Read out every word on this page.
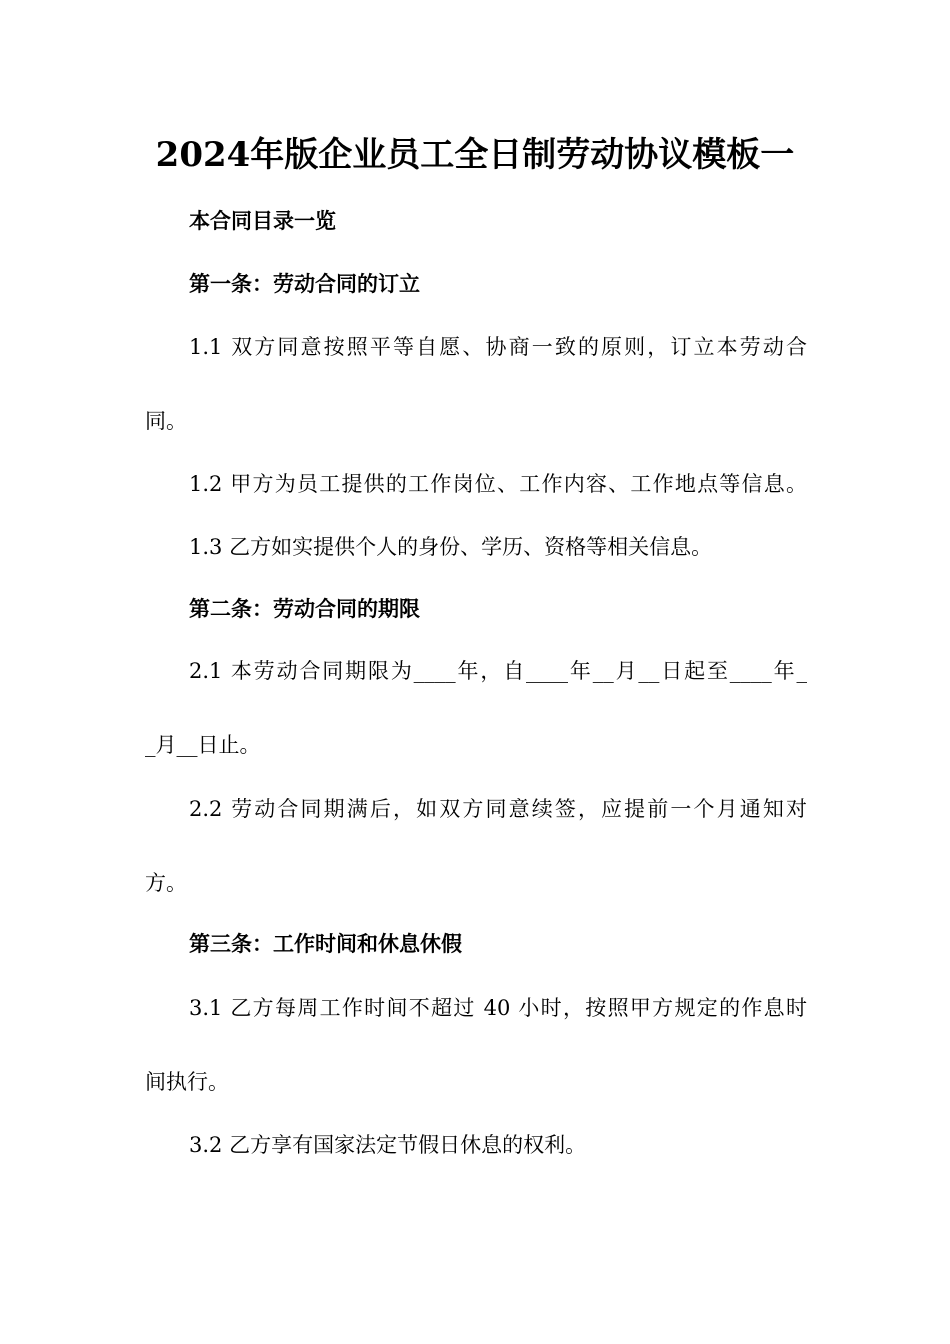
2024年版企业员工全日制劳动协议模板一
本合同目录一览
第一条：劳动合同的订立
1.1 双方同意按照平等自愿、协商一致的原则，订立本劳动合
同。
1.2 甲方为员工提供的工作岗位、工作内容、工作地点等信息。
1.3 乙方如实提供个人的身份、学历、资格等相关信息。
第二条：劳动合同的期限
2.1 本劳动合同期限为____年，自____年__月__日起至____年_
_月__日止。
2.2 劳动合同期满后，如双方同意续签，应提前一个月通知对
方。
第三条：工作时间和休息休假
3.1 乙方每周工作时间不超过 40 小时，按照甲方规定的作息时
间执行。
3.2 乙方享有国家法定节假日休息的权利。
